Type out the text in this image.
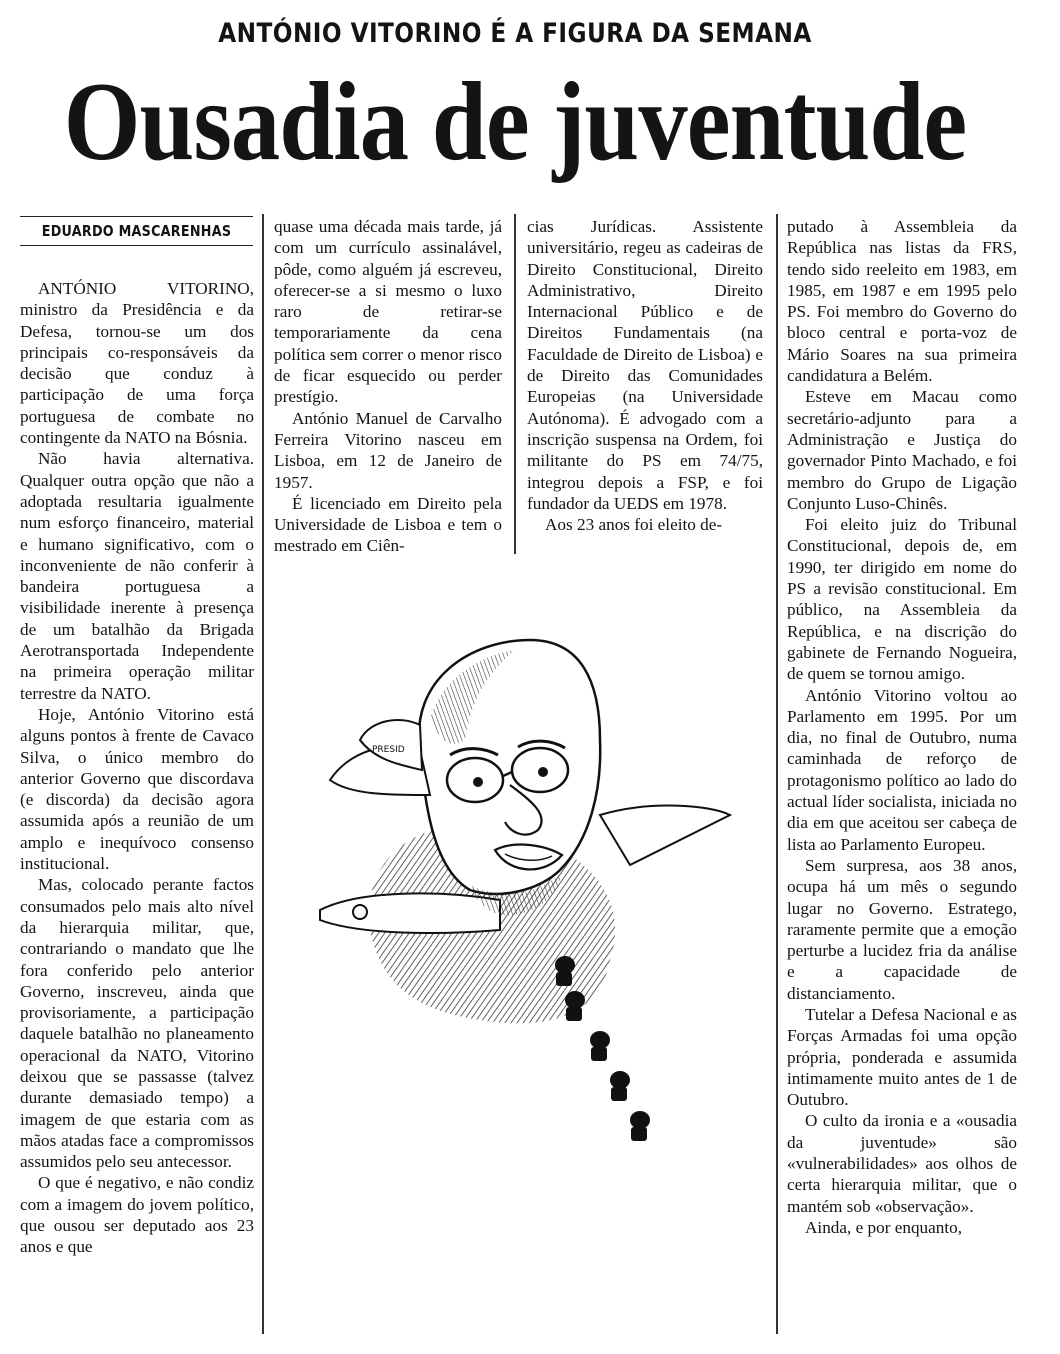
ANTÓNIO VITORINO É A FIGURA DA SEMANA
Ousadia de juventude
EDUARDO MASCARENHAS

ANTÓNIO VITORINO, ministro da Presidência e da Defesa, tornou-se um dos principais co-responsáveis da decisão que conduz à participação de uma força portuguesa de combate no contingente da NATO na Bósnia.

Não havia alternativa. Qualquer outra opção que não a adoptada resultaria igualmente num esforço financeiro, material e humano significativo, com o inconveniente de não conferir à bandeira portuguesa a visibilidade inerente à presença de um batalhão da Brigada Aerotransportada Independente na primeira operação militar terrestre da NATO.

Hoje, António Vitorino está alguns pontos à frente de Cavaco Silva, o único membro do anterior Governo que discordava (e discorda) da decisão agora assumida após a reunião de um amplo e inequívoco consenso institucional.

Mas, colocado perante factos consumados pelo mais alto nível da hierarquia militar, que, contrariando o mandato que lhe fora conferido pelo anterior Governo, inscreveu, ainda que provisoriamente, a participação daquele batalhão no planeamento operacional da NATO, Vitorino deixou que se passasse (talvez durante demasiado tempo) a imagem de que estaria com as mãos atadas face a compromissos assumidos pelo seu antecessor.

O que é negativo, e não condiz com a imagem do jovem político, que ousou ser deputado aos 23 anos e que

quase uma década mais tarde, já com um currículo assinalável, pôde, como alguém já escreveu, oferecer-se a si mesmo o luxo raro de retirar-se temporariamente da cena política sem correr o menor risco de ficar esquecido ou perder prestígio.

António Manuel de Carvalho Ferreira Vitorino nasceu em Lisboa, em 12 de Janeiro de 1957.

É licenciado em Direito pela Universidade de Lisboa e tem o mestrado em Ciên-

cias Jurídicas. Assistente universitário, regeu as cadeiras de Direito Constitucional, Direito Administrativo, Direito Internacional Público e de Direitos Fundamentais (na Faculdade de Direito de Lisboa) e de Direito das Comunidades Europeias (na Universidade Autónoma). É advogado com a inscrição suspensa na Ordem, foi militante do PS em 74/75, integrou depois a FSP, e foi fundador da UEDS em 1978.

Aos 23 anos foi eleito de-

putado à Assembleia da República nas listas da FRS, tendo sido reeleito em 1983, em 1985, em 1987 e em 1995 pelo PS. Foi membro do Governo do bloco central e porta-voz de Mário Soares na sua primeira candidatura a Belém.

Esteve em Macau como secretário-adjunto para a Administração e Justiça do governador Pinto Machado, e foi membro do Grupo de Ligação Conjunto Luso-Chinês.

Foi eleito juiz do Tribunal Constitucional, depois de, em 1990, ter dirigido em nome do PS a revisão constitucional. Em público, na Assembleia da República, e na discrição do gabinete de Fernando Nogueira, de quem se tornou amigo.

António Vitorino voltou ao Parlamento em 1995. Por um dia, no final de Outubro, numa caminhada de reforço de protagonismo político ao lado do actual líder socialista, iniciada no dia em que aceitou ser cabeça de lista ao Parlamento Europeu.

Sem surpresa, aos 38 anos, ocupa há um mês o segundo lugar no Governo. Estratego, raramente permite que a emoção perturbe a lucidez fria da análise e a capacidade de distanciamento.

Tutelar a Defesa Nacional e as Forças Armadas foi uma opção própria, ponderada e assumida intimamente muito antes de 1 de Outubro.

O culto da ironia e a «ousadia da juventude» são «vulnerabilidades» aos olhos de certa hierarquia militar, que o mantém sob «observação».

Ainda, e por enquanto,

PRESID
